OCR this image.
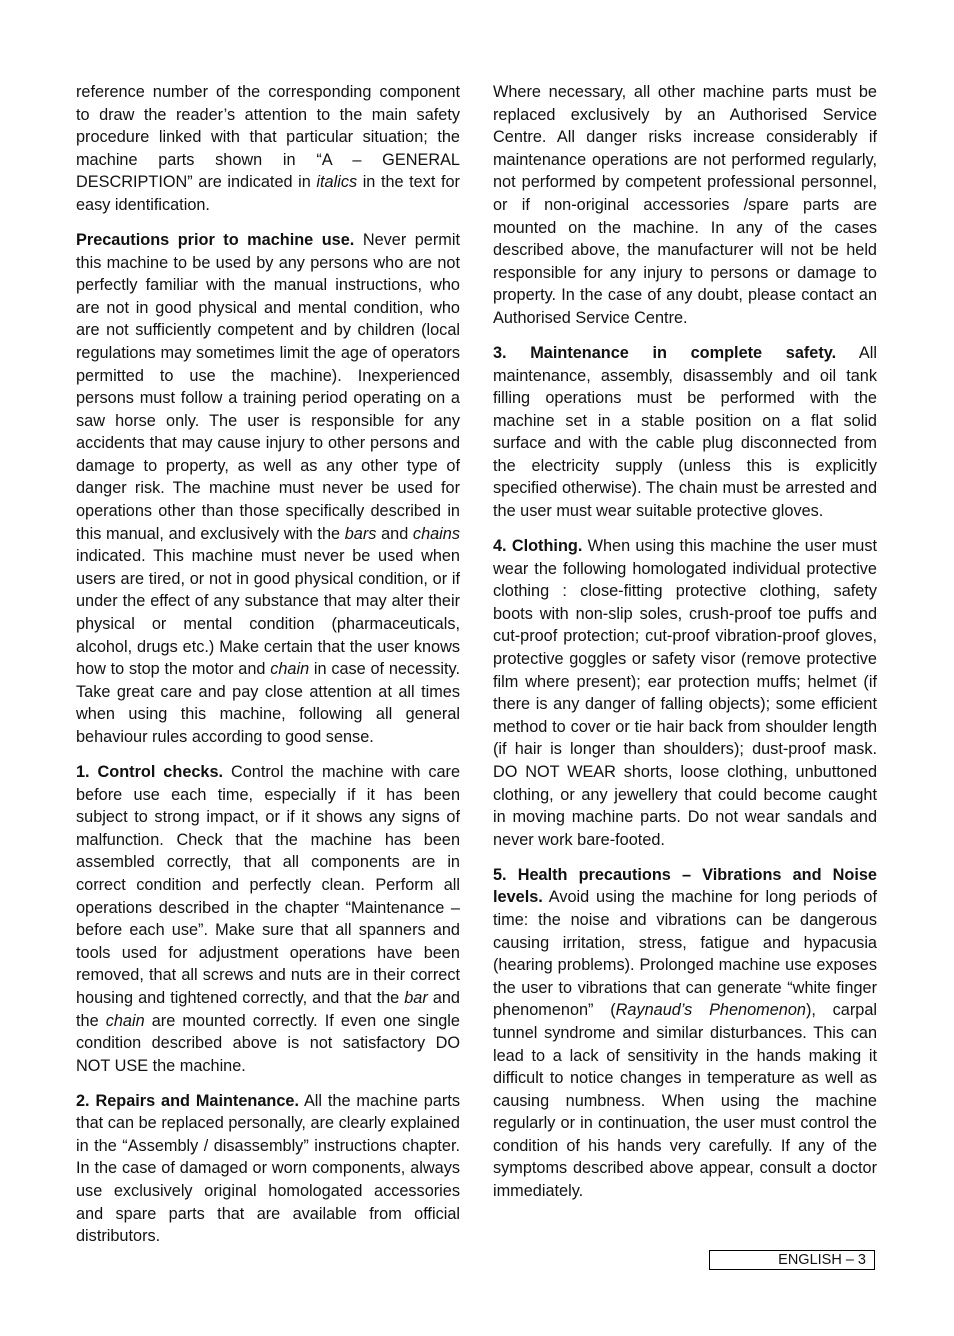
reference number of the corresponding component to draw the reader’s attention to the main safety procedure linked with that particular situation; the machine parts shown in “A – GENERAL DESCRIPTION” are indicated in italics in the text for easy identification.

Precautions prior to machine use. Never permit this machine to be used by any persons who are not perfectly familiar with the manual instructions, who are not in good physical and mental condition, who are not sufficiently competent and by children (local regulations may sometimes limit the age of operators permitted to use the machine). Inexperienced persons must follow a training period operating on a saw horse only. The user is responsible for any accidents that may cause injury to other persons and damage to property, as well as any other type of danger risk. The machine must never be used for operations other than those specifically described in this manual, and exclusively with the bars and chains indicated. This machine must never be used when users are tired, or not in good physical condition, or if under the effect of any substance that may alter their physical or mental condition (pharmaceuticals, alcohol, drugs etc.) Make certain that the user knows how to stop the motor and chain in case of necessity. Take great care and pay close attention at all times when using this machine, following all general behaviour rules according to good sense.

1. Control checks. Control the machine with care before use each time, especially if it has been subject to strong impact, or if it shows any signs of malfunction. Check that the machine has been assembled correctly, that all components are in correct condition and perfectly clean. Perform all operations described in the chapter “Maintenance – before each use”. Make sure that all spanners and tools used for adjustment operations have been removed, that all screws and nuts are in their correct housing and tightened correctly, and that the bar and the chain are mounted correctly. If even one single condition described above is not satisfactory DO NOT USE the machine.

2. Repairs and Maintenance. All the machine parts that can be replaced personally, are clearly explained in the “Assembly / disassembly” instructions chapter. In the case of damaged or worn components, always use exclusively original homologated accessories and spare parts that are available from official distributors.

Where necessary, all other machine parts must be replaced exclusively by an Authorised Service Centre. All danger risks increase considerably if maintenance operations are not performed regularly, not performed by competent professional personnel, or if non-original accessories /spare parts are mounted on the machine. In any of the cases described above, the manufacturer will not be held responsible for any injury to persons or damage to property. In the case of any doubt, please contact an Authorised Service Centre.

3. Maintenance in complete safety. All maintenance, assembly, disassembly and oil tank filling operations must be performed with the machine set in a stable position on a flat solid surface and with the cable plug disconnected from the electricity supply (unless this is explicitly specified otherwise). The chain must be arrested and the user must wear suitable protective gloves.

4. Clothing. When using this machine the user must wear the following homologated individual protective clothing : close-fitting protective clothing, safety boots with non-slip soles, crush-proof toe puffs and cut-proof protection; cut-proof vibration-proof gloves, protective goggles or safety visor (remove protective film where present); ear protection muffs; helmet (if there is any danger of falling objects); some efficient method to cover or tie hair back from shoulder length (if hair is longer than shoulders); dust-proof mask. DO NOT WEAR shorts, loose clothing, unbuttoned clothing, or any jewellery that could become caught in moving machine parts. Do not wear sandals and never work bare-footed.

5. Health precautions – Vibrations and Noise levels. Avoid using the machine for long periods of time: the noise and vibrations can be dangerous causing irritation, stress, fatigue and hypacusia (hearing problems). Prolonged machine use exposes the user to vibrations that can generate “white finger phenomenon” (Raynaud’s Phenomenon), carpal tunnel syndrome and similar disturbances. This can lead to a lack of sensitivity in the hands making it difficult to notice changes in temperature as well as causing numbness. When using the machine regularly or in continuation, the user must control the condition of his hands very carefully. If any of the symptoms described above appear, consult a doctor immediately.

ENGLISH – 3
